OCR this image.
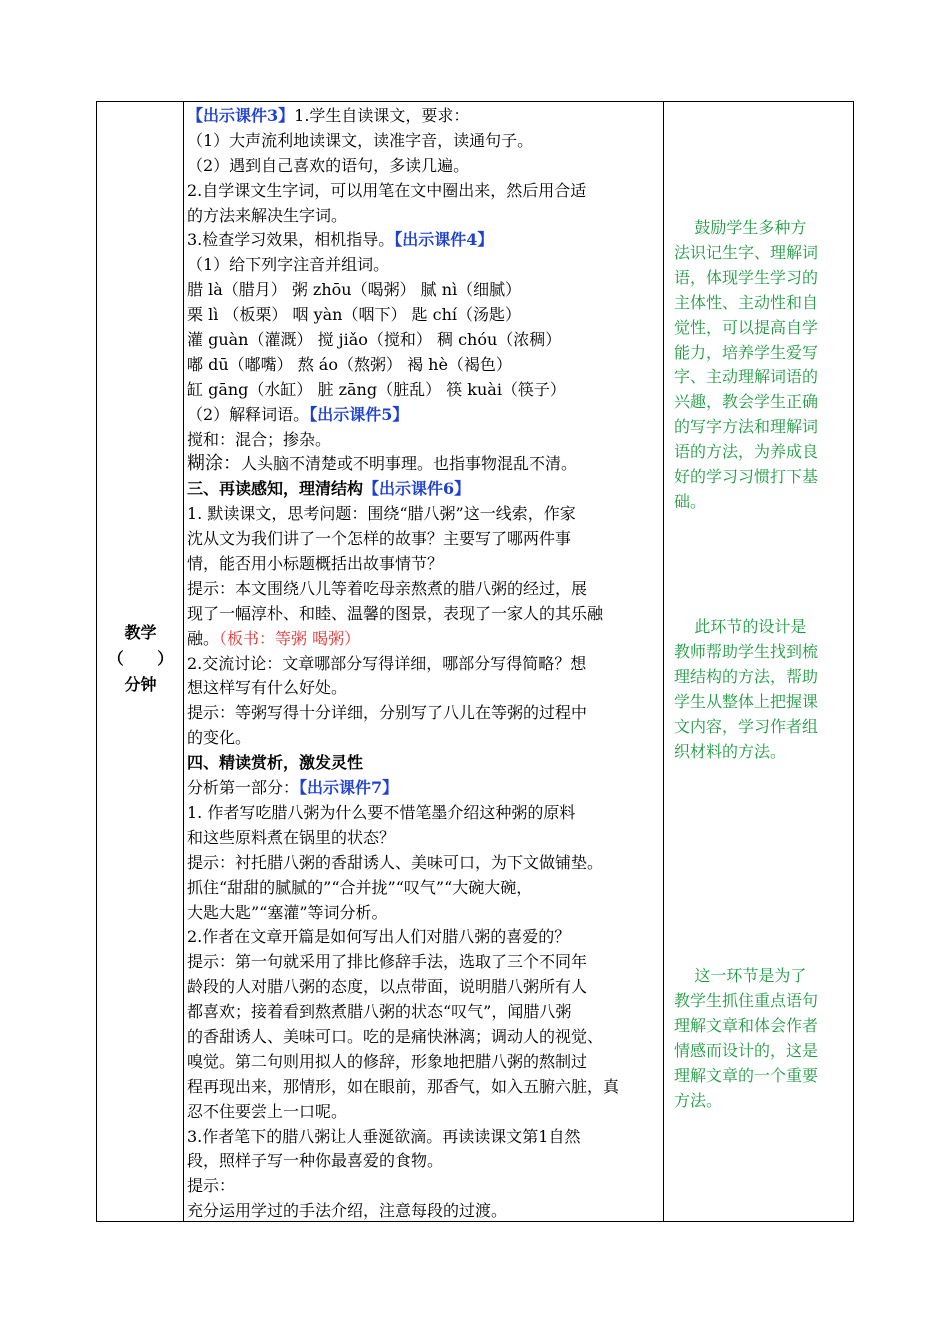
教学
（      ）
分钟
【出示课件3】1.学生自读课文，要求：
（1）大声流利地读课文，读准字音，读通句子。
（2）遇到自己喜欢的语句，多读几遍。
2.自学课文生字词，可以用笔在文中圈出来，然后用合适
的方法来解决生字词。
3.检查学习效果，相机指导。【出示课件4】
（1）给下列字注音并组词。
腊 là（腊月） 粥 zhōu（喝粥） 腻 nì（细腻）
栗 lì （板栗） 咽 yàn（咽下） 匙 chí（汤匙）
灌 guàn（灌溉） 搅 jiǎo（搅和） 稠 chóu（浓稠）
嘟 dū（嘟嘴） 熬 áo（熬粥） 褐 hè（褐色）
缸 gāng（水缸） 脏 zāng（脏乱） 筷 kuài（筷子）
（2）解释词语。【出示课件5】
搅和：混合；掺杂。
糊涂：人头脑不清楚或不明事理。也指事物混乱不清。
三、再读感知，理清结构【出示课件6】
1. 默读课文，思考问题：围绕“腊八粥”这一线索，作家
沈从文为我们讲了一个怎样的故事？主要写了哪两件事
情，能否用小标题概括出故事情节？
提示：本文围绕八儿等着吃母亲熬煮的腊八粥的经过，展
现了一幅淳朴、和睦、温馨的图景，表现了一家人的其乐融
融。（板书：等粥 喝粥）
2.交流讨论：文章哪部分写得详细，哪部分写得简略？想
想这样写有什么好处。
提示：等粥写得十分详细，分别写了八儿在等粥的过程中
的变化。
四、精读赏析，激发灵性
分析第一部分：【出示课件7】
1. 作者写吃腊八粥为什么要不惜笔墨介绍这种粥的原料
和这些原料煮在锅里的状态？
提示：衬托腊八粥的香甜诱人、美味可口，为下文做铺垫。
抓住“甜甜的腻腻的”“合并拢”“叹气”“大碗大碗，
大匙大匙”“塞灌”等词分析。
2.作者在文章开篇是如何写出人们对腊八粥的喜爱的？
提示：第一句就采用了排比修辞手法，选取了三个不同年
龄段的人对腊八粥的态度，以点带面，说明腊八粥所有人
都喜欢；接着看到熬煮腊八粥的状态“叹气”，闻腊八粥
的香甜诱人、美味可口。吃的是痛快淋漓；调动人的视觉、
嗅觉。第二句则用拟人的修辞，形象地把腊八粥的熬制过
程再现出来，那情形，如在眼前，那香气，如入五腑六脏，真
忍不住要尝上一口呢。
3.作者笔下的腊八粥让人垂涎欲滴。再读读课文第1自然
段，照样子写一种你最喜爱的食物。
提示：
充分运用学过的手法介绍，注意每段的过渡。
鼓励学生多种方
法识记生字、理解词
语，体现学生学习的
主体性、主动性和自
觉性，可以提高自学
能力，培养学生爱写
字、主动理解词语的
兴趣，教会学生正确
的写字方法和理解词
语的方法，为养成良
好的学习习惯打下基
础。
此环节的设计是
教师帮助学生找到梳
理结构的方法，帮助
学生从整体上把握课
文内容，学习作者组
织材料的方法。
这一环节是为了
教学生抓住重点语句
理解文章和体会作者
情感而设计的，这是
理解文章的一个重要
方法。
